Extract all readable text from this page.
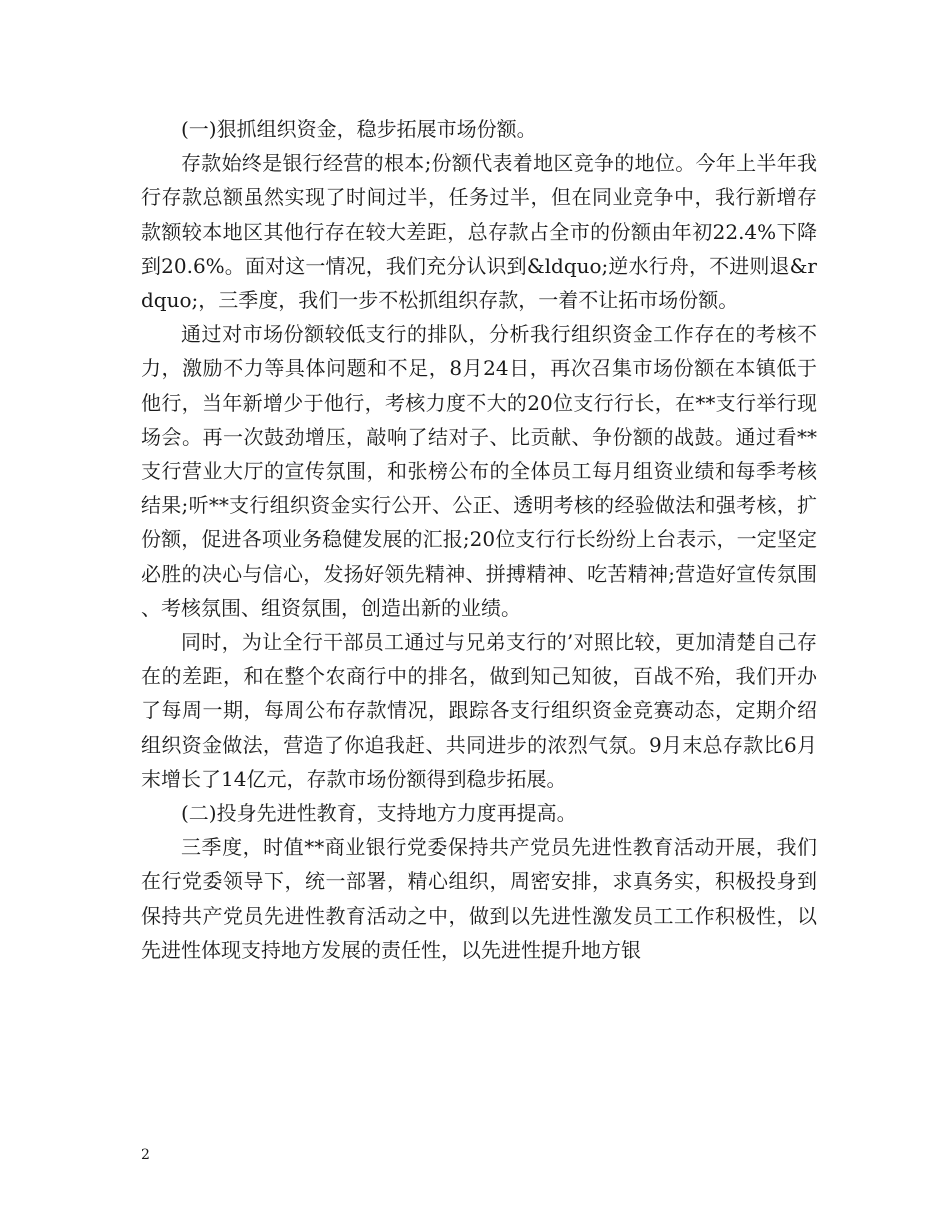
(一)狠抓组织资金，稳步拓展市场份额。

存款始终是银行经营的根本;份额代表着地区竞争的地位。今年上半年我行存款总额虽然实现了时间过半，任务过半，但在同业竞争中，我行新增存款额较本地区其他行存在较大差距，总存款占全市的份额由年初22.4%下降到20.6%。面对这一情况，我们充分认识到&ldquo;逆水行舟，不进则退&rdquo;，三季度，我们一步不松抓组织存款，一着不让拓市场份额。

通过对市场份额较低支行的排队，分析我行组织资金工作存在的考核不力，激励不力等具体问题和不足，8月24日，再次召集市场份额在本镇低于他行，当年新增少于他行，考核力度不大的20位支行行长，在**支行举行现场会。再一次鼓劲增压，敲响了结对子、比贡献、争份额的战鼓。通过看**支行营业大厅的宣传氛围，和张榜公布的全体员工每月组资业绩和每季考核结果;听**支行组织资金实行公开、公正、透明考核的经验做法和强考核，扩份额，促进各项业务稳健发展的汇报;20位支行行长纷纷上台表示，一定坚定必胜的决心与信心，发扬好领先精神、拼搏精神、吃苦精神;营造好宣传氛围、考核氛围、组资氛围，创造出新的业绩。

同时，为让全行干部员工通过与兄弟支行的’对照比较，更加清楚自己存在的差距，和在整个农商行中的排名，做到知己知彼，百战不殆，我们开办了每周一期，每周公布存款情况，跟踪各支行组织资金竞赛动态，定期介绍组织资金做法，营造了你追我赶、共同进步的浓烈气氛。9月末总存款比6月末增长了14亿元，存款市场份额得到稳步拓展。

(二)投身先进性教育，支持地方力度再提高。

三季度，时值**商业银行党委保持共产党员先进性教育活动开展，我们在行党委领导下，统一部署，精心组织，周密安排，求真务实，积极投身到保持共产党员先进性教育活动之中，做到以先进性激发员工工作积极性，以先进性体现支持地方发展的责任性，以先进性提升地方银

2
